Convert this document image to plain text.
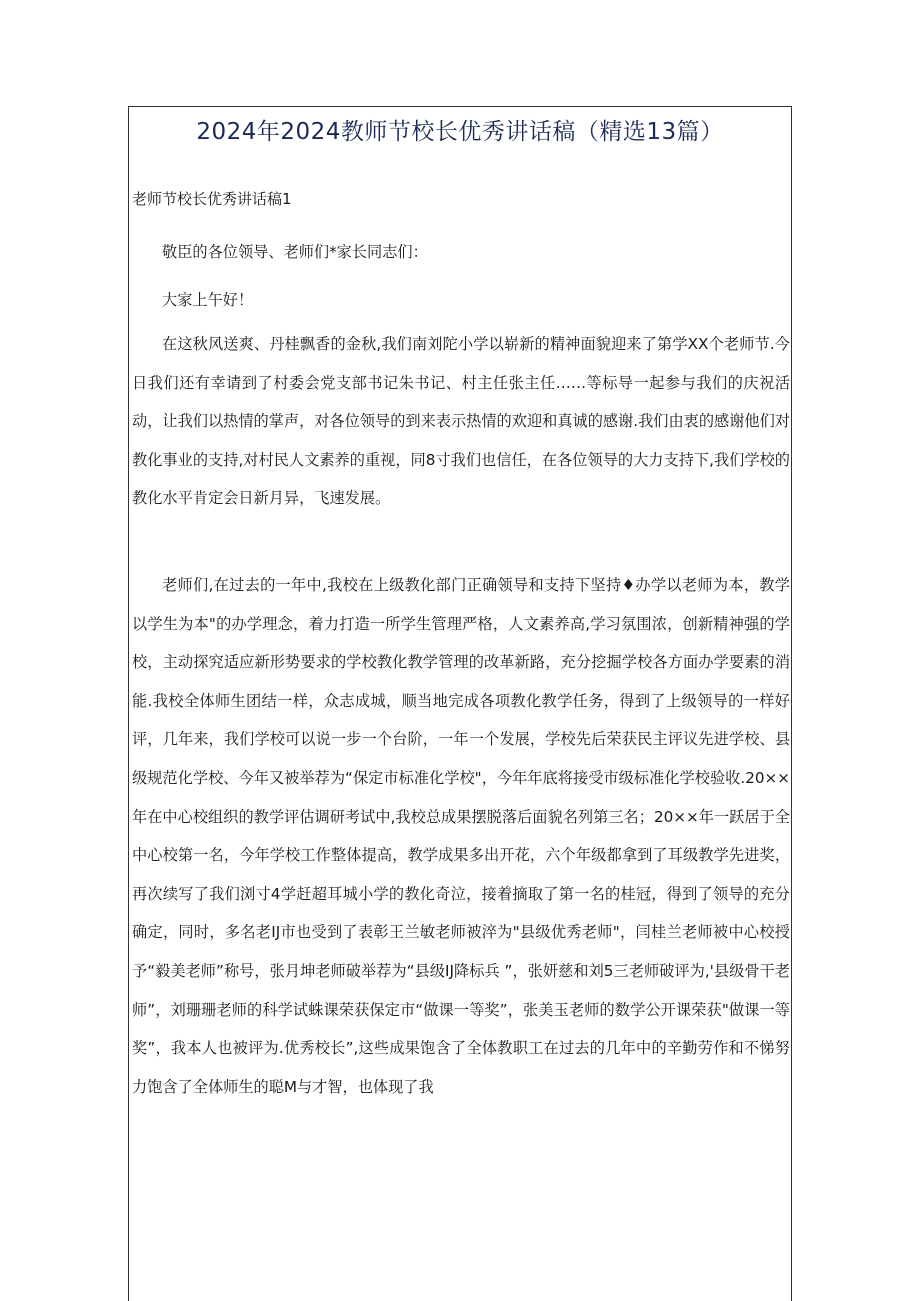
2024年2024教师节校长优秀讲话稿（精选13篇）
老师节校长优秀讲话稿1
敬臣的各位领导、老师们*家长同志们：
大家上午好！

在这秋风送爽、丹桂飘香的金秋,我们南刘陀小学以崭新的精神面貌迎来了第学XX个老师节.今日我们还有幸请到了村委会党支部书记朱书记、村主任张主任……等标导一起参与我们的庆祝活动，让我们以热情的掌声，对各位领导的到来表示热情的欢迎和真诚的感谢.我们由衷的感谢他们对教化事业的支持,对村民人文素养的重视，同8寸我们也信任，在各位领导的大力支持下,我们学校的教化水平肯定会日新月异，飞速发展。

老师们,在过去的一年中,我校在上级教化部门正确领导和支持下坚持♦办学以老师为本，教学以学生为本"的办学理念，着力打造一所学生管理严格，人文素养高,学习氛围浓，创新精神强的学校，主动探究适应新形势要求的学校教化教学管理的改革新路，充分挖掘学校各方面办学要素的消能.我校全体师生团结一样，众志成城，顺当地完成各项教化教学任务，得到了上级领导的一样好评，几年来，我们学校可以说一步一个台阶，一年一个发展，学校先后荣获民主评议先进学校、县级规范化学校、今年又被举荐为“保定市标准化学校"，今年年底将接受市级标准化学校验收.20××年在中心校组织的教学评估调研考试中,我校总成果摆脱落后面貌名列第三名；20××年一跃居于全中心校第一名，今年学校工作整体提高，教学成果多出开花，六个年级都拿到了耳级教学先进奖，再次续写了我们浏寸4学赶超耳城小学的教化奇泣，接着摘取了第一名的桂冠，得到了领导的充分确定，同时，多名老IJ市也受到了表彰王兰敏老师被淬为"县级优秀老师"，闫桂兰老师被中心校授予“毅美老师”称号，张月坤老师破举荐为“县级IJ降标兵 ”，张妍慈和刘5三老师破评为,'县级骨干老师”，刘珊珊老师的科学试蛛课荣获保定市“做课一等奖”，张美玉老师的数学公开课荣获"做课一等奖”，我本人也被评为.优秀校长”,这些成果饱含了全体教职工在过去的几年中的辛勤劳作和不悌努力饱含了全体师生的聪M与才智，也体现了我
